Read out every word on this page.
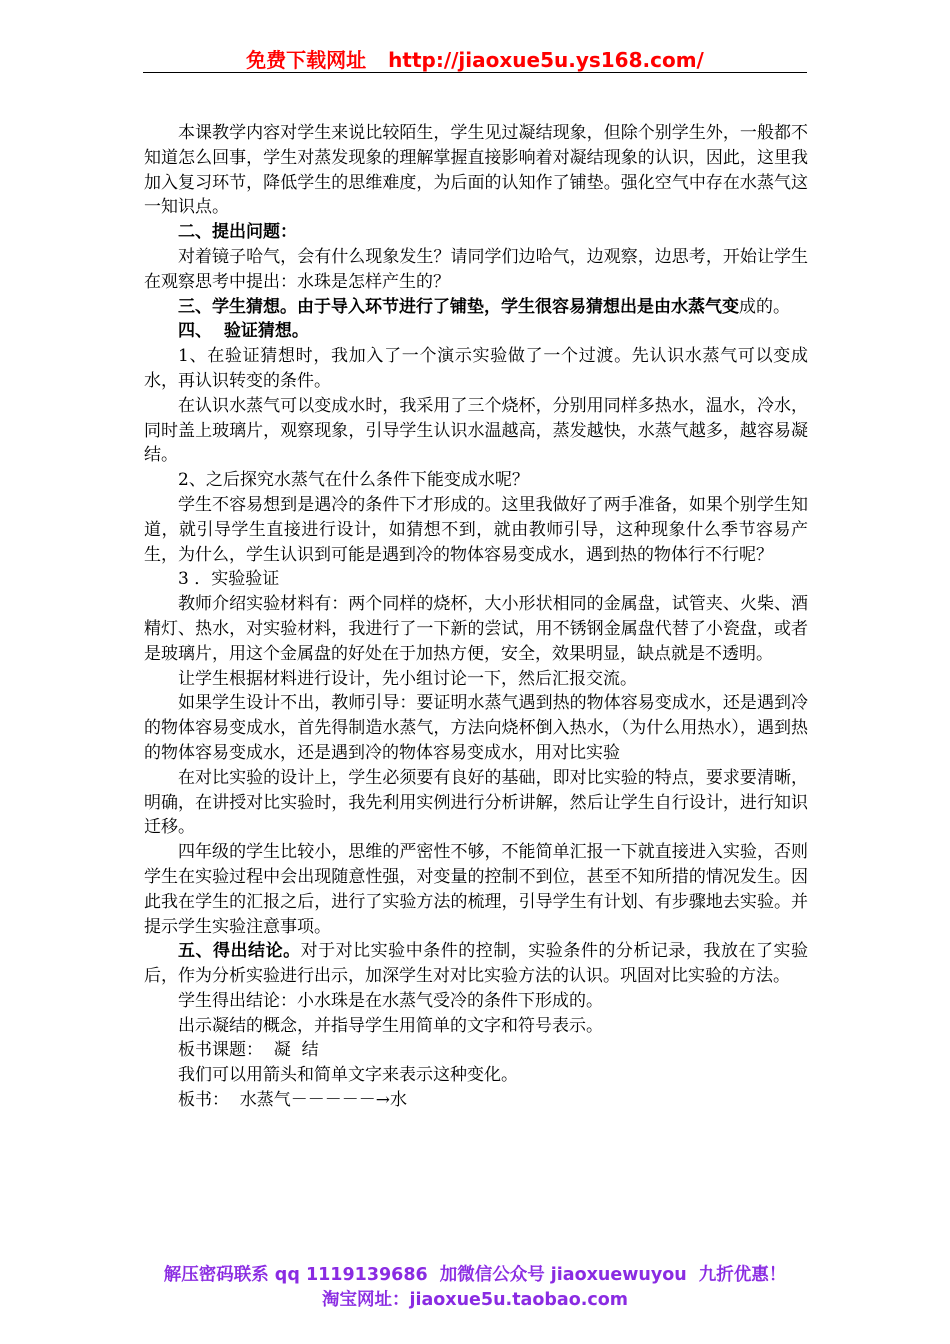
免费下载网址 http://jiaoxue5u.ys168.com/

本课教学内容对学生来说比较陌生，学生见过凝结现象，但除个别学生外，一般都不知道怎么回事，学生对蒸发现象的理解掌握直接影响着对凝结现象的认识，因此，这里我加入复习环节，降低学生的思维难度，为后面的认知作了铺垫。强化空气中存在水蒸气这一知识点。

二、提出问题：

对着镜子哈气，会有什么现象发生？请同学们边哈气，边观察，边思考，开始让学生在观察思考中提出：水珠是怎样产生的？

三、学生猜想。由于导入环节进行了铺垫，学生很容易猜想出是由水蒸气变成的。

四、  验证猜想。

1、在验证猜想时，我加入了一个演示实验做了一个过渡。先认识水蒸气可以变成水，再认识转变的条件。

在认识水蒸气可以变成水时，我采用了三个烧杯，分别用同样多热水，温水，冷水，同时盖上玻璃片，观察现象，引导学生认识水温越高，蒸发越快，水蒸气越多，越容易凝结。

2、之后探究水蒸气在什么条件下能变成水呢？

学生不容易想到是遇冷的条件下才形成的。这里我做好了两手准备，如果个别学生知道，就引导学生直接进行设计，如猜想不到，就由教师引导，这种现象什么季节容易产生，为什么，学生认识到可能是遇到冷的物体容易变成水，遇到热的物体行不行呢？

3 ．实验验证

教师介绍实验材料有：两个同样的烧杯，大小形状相同的金属盘，试管夹、火柴、酒精灯、热水，对实验材料，我进行了一下新的尝试，用不锈钢金属盘代替了小瓷盘，或者是玻璃片，用这个金属盘的好处在于加热方便，安全，效果明显，缺点就是不透明。

让学生根据材料进行设计，先小组讨论一下，然后汇报交流。

如果学生设计不出，教师引导：要证明水蒸气遇到热的物体容易变成水，还是遇到冷的物体容易变成水，首先得制造水蒸气，方法向烧杯倒入热水，（为什么用热水），遇到热的物体容易变成水，还是遇到冷的物体容易变成水，用对比实验

在对比实验的设计上，学生必须要有良好的基础，即对比实验的特点，要求要清晰，明确，在讲授对比实验时，我先利用实例进行分析讲解，然后让学生自行设计，进行知识迁移。

四年级的学生比较小，思维的严密性不够，不能简单汇报一下就直接进入实验，否则学生在实验过程中会出现随意性强，对变量的控制不到位，甚至不知所措的情况发生。因此我在学生的汇报之后，进行了实验方法的梳理，引导学生有计划、有步骤地去实验。并提示学生实验注意事项。

五、得出结论。对于对比实验中条件的控制，实验条件的分析记录，我放在了实验后，作为分析实验进行出示，加深学生对对比实验方法的认识。巩固对比实验的方法。

学生得出结论：小水珠是在水蒸气受冷的条件下形成的。

出示凝结的概念，并指导学生用简单的文字和符号表示。

板书课题：  凝  结

我们可以用箭头和简单文字来表示这种变化。

板书：  水蒸气－－－－－→水

解压密码联系 qq 1119139686 加微信公众号 jiaoxuewuyou 九折优惠！
淘宝网址：jiaoxue5u.taobao.com
